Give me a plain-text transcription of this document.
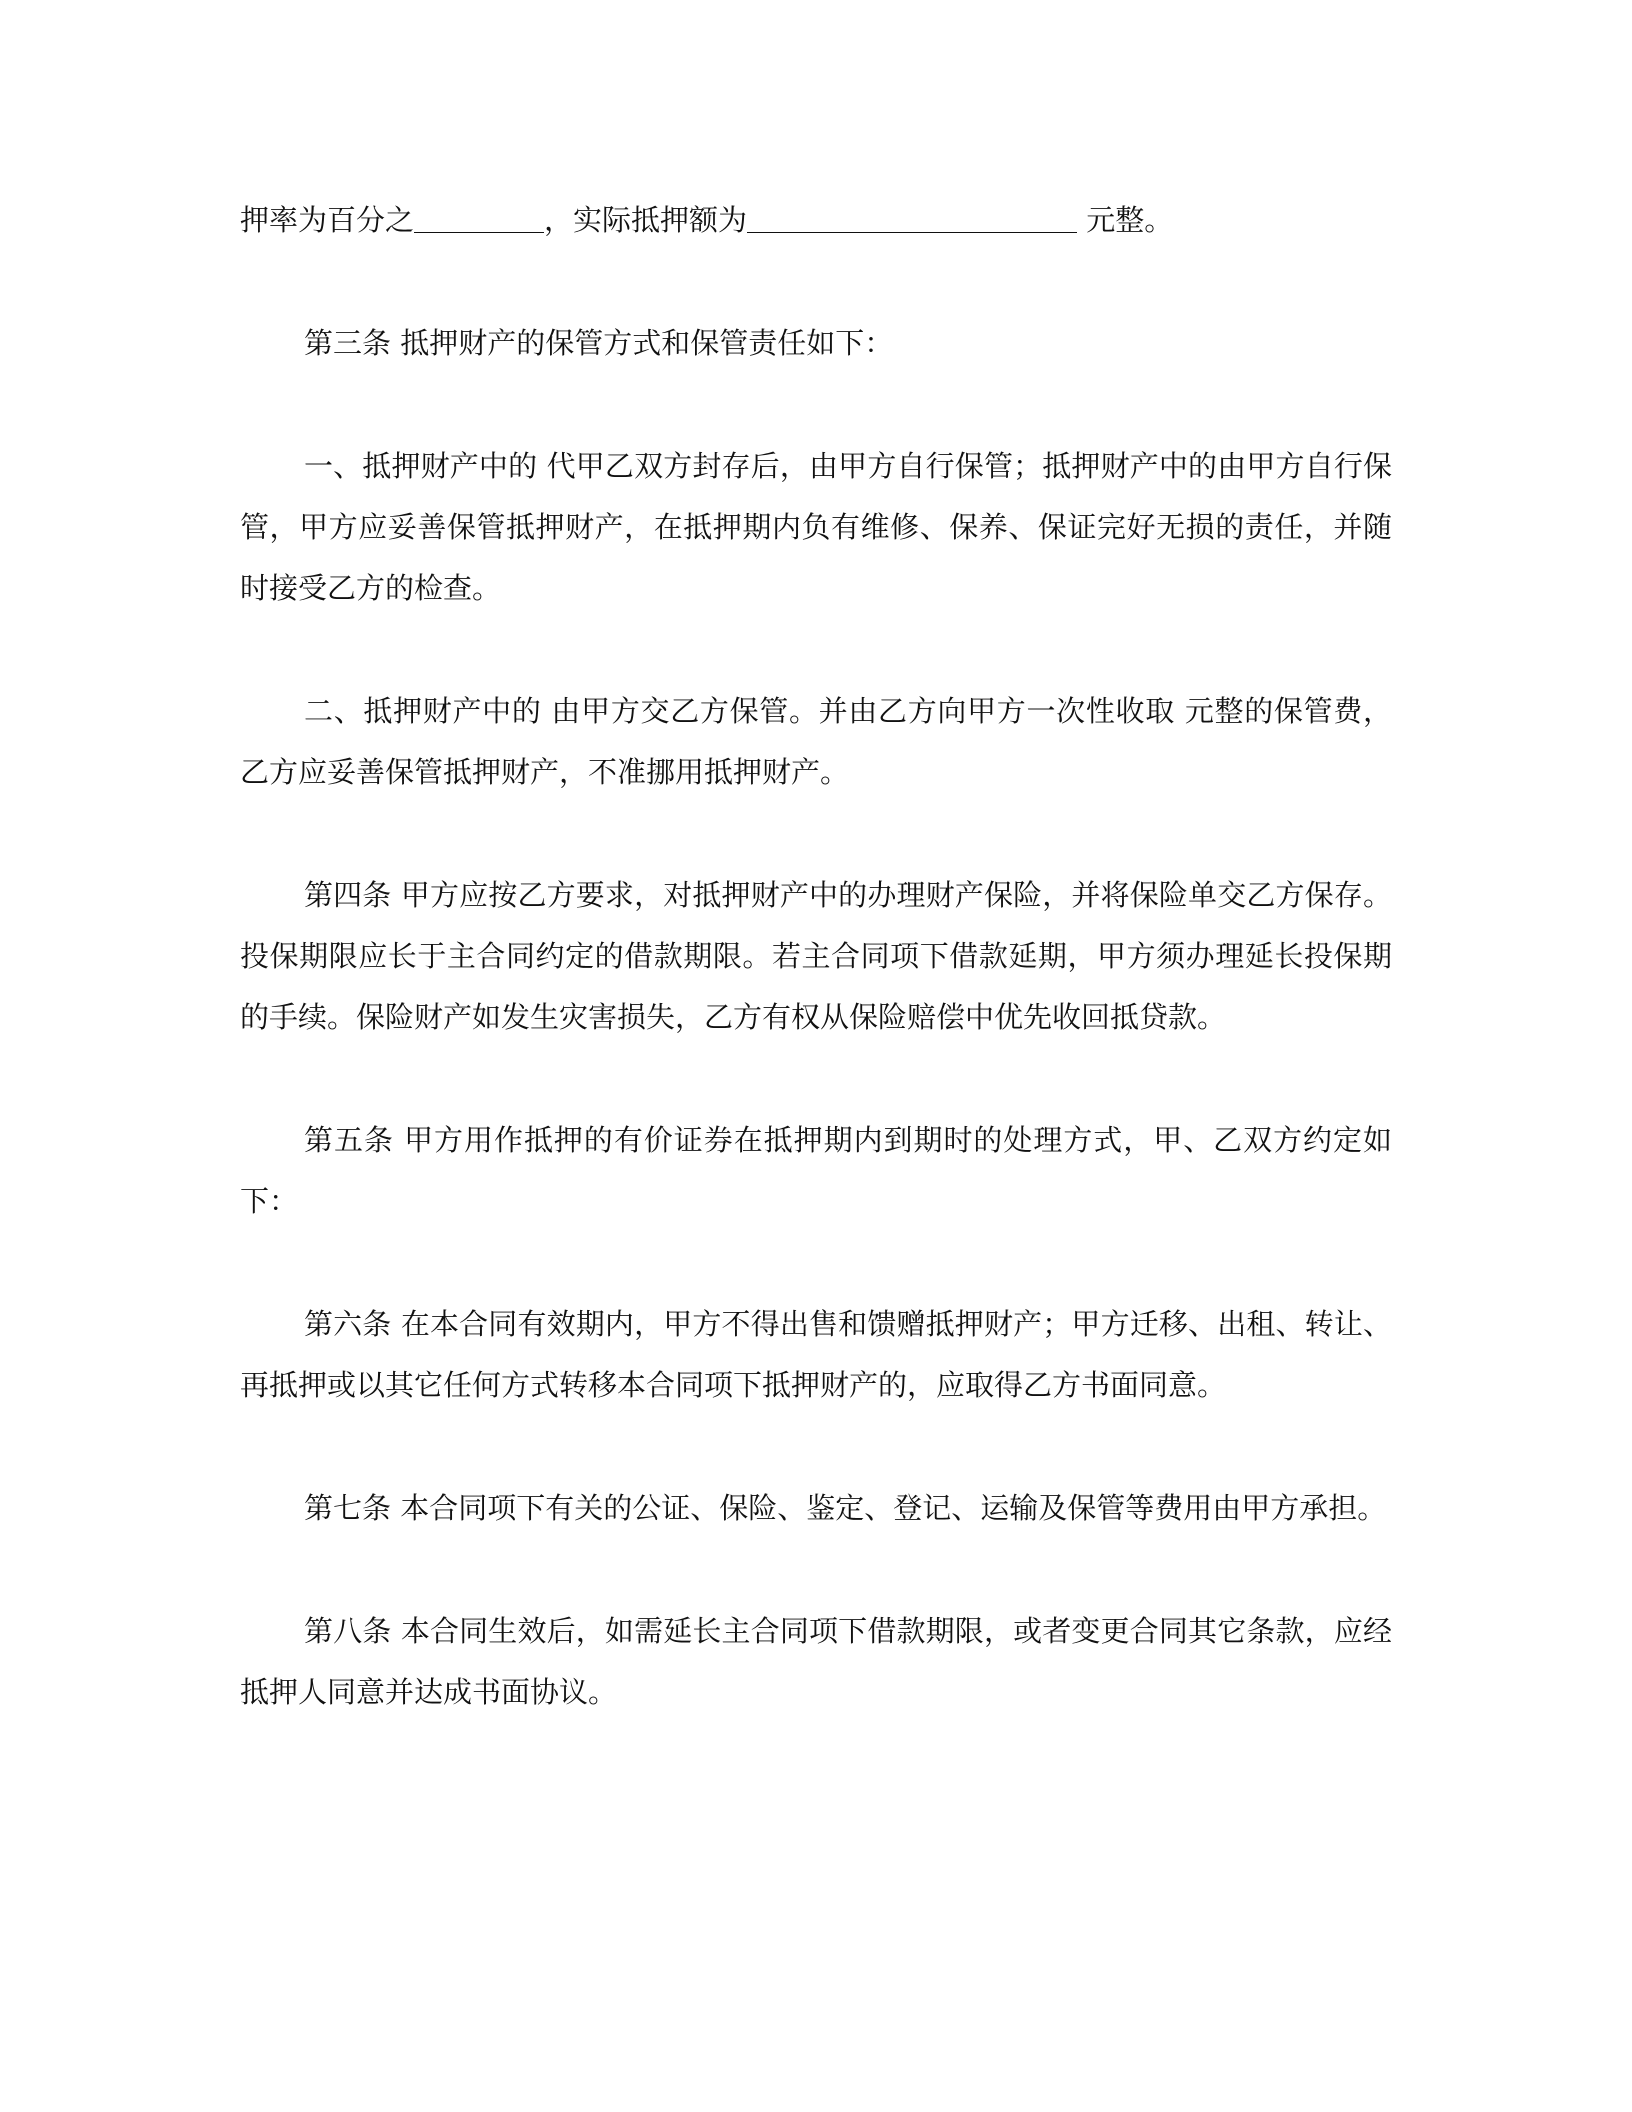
押率为百分之	，实际抵押额为	元整。

第三条 抵押财产的保管方式和保管责任如下：

一、抵押财产中的 代甲乙双方封存后，由甲方自行保管；抵押财产中的由甲方自行保管，甲方应妥善保管抵押财产，在抵押期内负有维修、保养、保证完好无损的责任，并随时接受乙方的检查。

二、抵押财产中的 由甲方交乙方保管。并由乙方向甲方一次性收取 元整的保管费，乙方应妥善保管抵押财产，不准挪用抵押财产。

第四条 甲方应按乙方要求，对抵押财产中的办理财产保险，并将保险单交乙方保存。投保期限应长于主合同约定的借款期限。若主合同项下借款延期，甲方须办理延长投保期的手续。保险财产如发生灾害损失，乙方有权从保险赔偿中优先收回抵贷款。

第五条 甲方用作抵押的有价证券在抵押期内到期时的处理方式，甲、乙双方约定如下：

第六条 在本合同有效期内，甲方不得出售和馈赠抵押财产；甲方迁移、出租、转让、再抵押或以其它任何方式转移本合同项下抵押财产的，应取得乙方书面同意。

第七条 本合同项下有关的公证、保险、鉴定、登记、运输及保管等费用由甲方承担。

第八条 本合同生效后，如需延长主合同项下借款期限，或者变更合同其它条款，应经抵押人同意并达成书面协议。
